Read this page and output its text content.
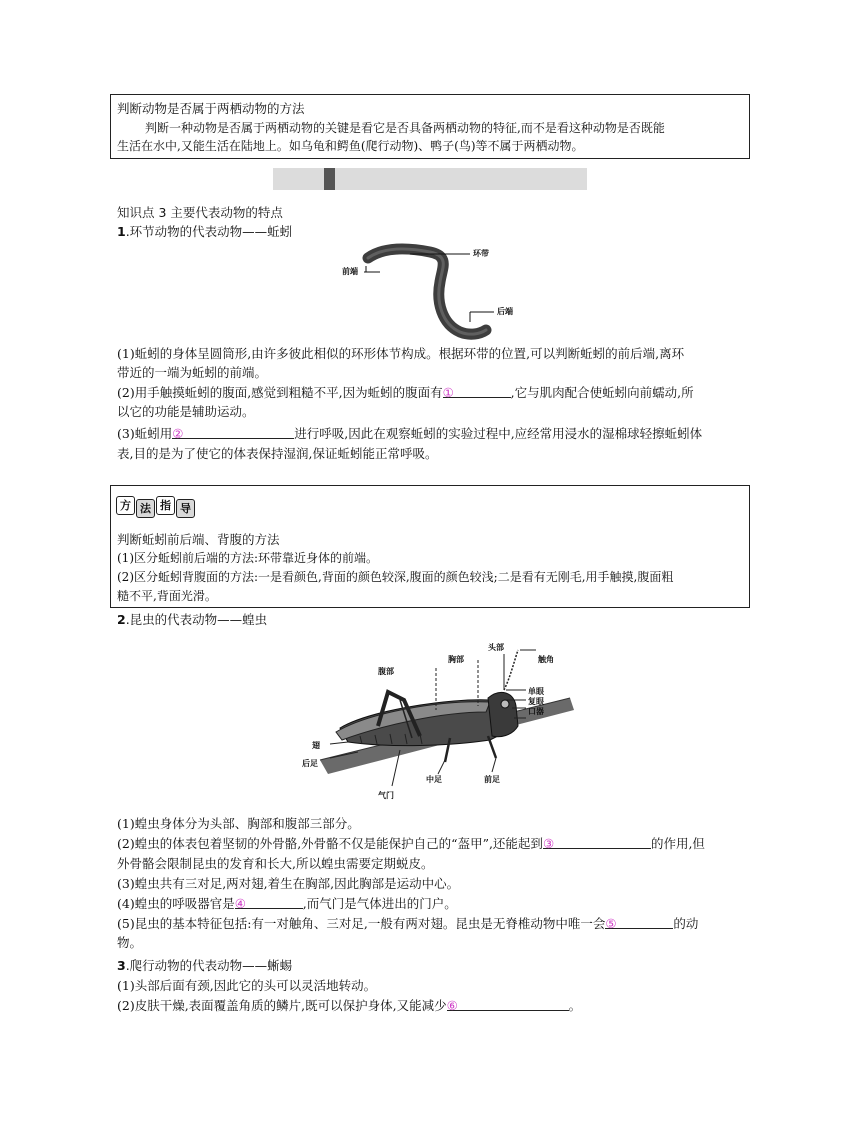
判断动物是否属于两栖动物的方法
判断一种动物是否属于两栖动物的关键是看它是否具备两栖动物的特征,而不是看这种动物是否既能
生活在水中,又能生活在陆地上。如乌龟和鳄鱼(爬行动物)、鸭子(鸟)等不属于两栖动物。
知识点 3 主要代表动物的特点
1.环节动物的代表动物——蚯蚓
前端
环带
后端
(1)蚯蚓的身体呈圆筒形,由许多彼此相似的环形体节构成。根据环带的位置,可以判断蚯蚓的前后端,离环
带近的一端为蚯蚓的前端。
(2)用手触摸蚯蚓的腹面,感觉到粗糙不平,因为蚯蚓的腹面有①	,它与肌肉配合使蚯蚓向前蠕动,所
以它的功能是辅助运动。
(3)蚯蚓用②	进行呼吸,因此在观察蚯蚓的实验过程中,应经常用浸水的湿棉球轻擦蚯蚓体
表,目的是为了使它的体表保持湿润,保证蚯蚓能正常呼吸。
方 法 指 导
判断蚯蚓前后端、背腹的方法
(1)区分蚯蚓前后端的方法:环带靠近身体的前端。
(2)区分蚯蚓背腹面的方法:一是看颜色,背面的颜色较深,腹面的颜色较浅;二是看有无刚毛,用手触摸,腹面粗
糙不平,背面光滑。
2.昆虫的代表动物——蝗虫
腹部
胸部
头部
触角
单眼
复眼
口器
翅
后足
中足	前足
气门
(1)蝗虫身体分为头部、胸部和腹部三部分。
(2)蝗虫的体表包着坚韧的外骨骼,外骨骼不仅是能保护自己的“盔甲”,还能起到③	的作用,但
外骨骼会限制昆虫的发育和长大,所以蝗虫需要定期蜕皮。
(3)蝗虫共有三对足,两对翅,着生在胸部,因此胸部是运动中心。
(4)蝗虫的呼吸器官是④	,而气门是气体进出的门户。
(5)昆虫的基本特征包括:有一对触角、三对足,一般有两对翅。昆虫是无脊椎动物中唯一会⑤	的动
物。
3.爬行动物的代表动物——蜥蜴
(1)头部后面有颈,因此它的头可以灵活地转动。
(2)皮肤干燥,表面覆盖角质的鳞片,既可以保护身体,又能减少⑥	。
